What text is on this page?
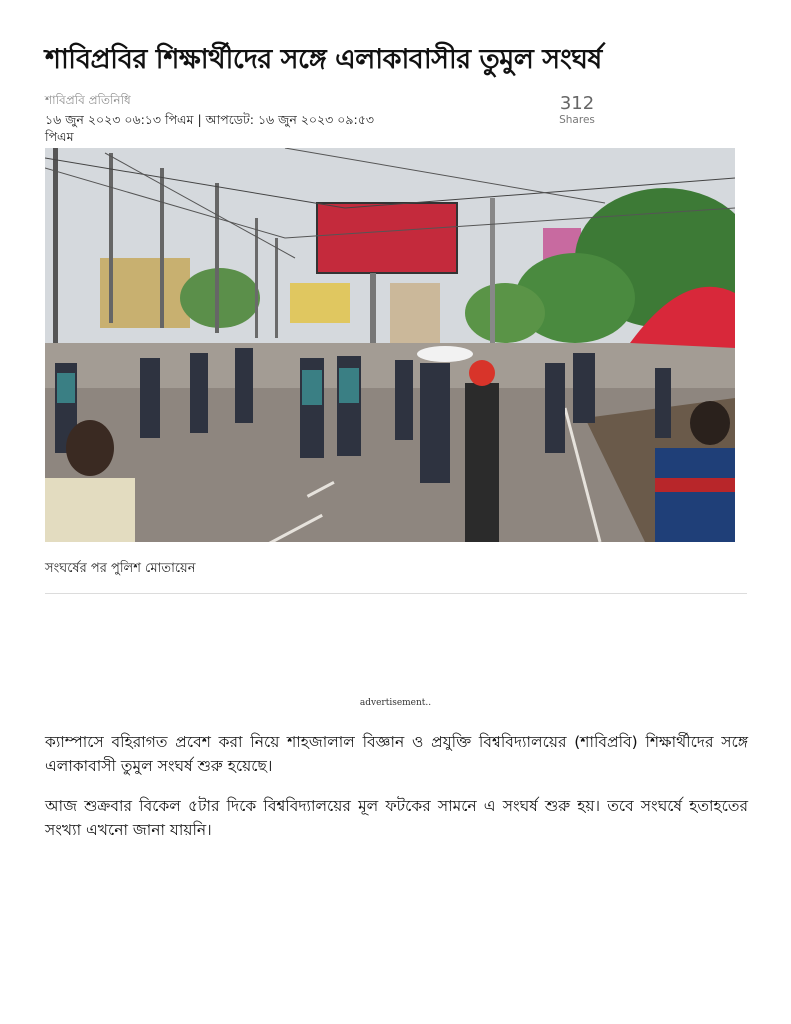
শাবিপ্রবির শিক্ষার্থীদের সঙ্গে এলাকাবাসীর তুমুল সংঘর্ষ
শাবিপ্রবি প্রতিনিধি
১৬ জুন ২০২৩ ০৬:১৩ পিএম | আপডেট: ১৬ জুন ২০২৩ ০৯:৫৩ পিএম
312
Shares
সংঘর্ষের পর পুলিশ মোতায়েন
advertisement..

ক্যাম্পাসে বহিরাগত প্রবেশ করা নিয়ে শাহজালাল বিজ্ঞান ও প্রযুক্তি বিশ্ববিদ্যালয়ের (শাবিপ্রবি) শিক্ষার্থীদের সঙ্গে এলাকাবাসী তুমুল সংঘর্ষ শুরু হয়েছে।

আজ শুক্রবার বিকেল ৫টার দিকে বিশ্ববিদ্যালয়ের মূল ফটকের সামনে এ সংঘর্ষ শুরু হয়। তবে সংঘর্ষে হতাহতের সংখ্যা এখনো জানা যায়নি।
